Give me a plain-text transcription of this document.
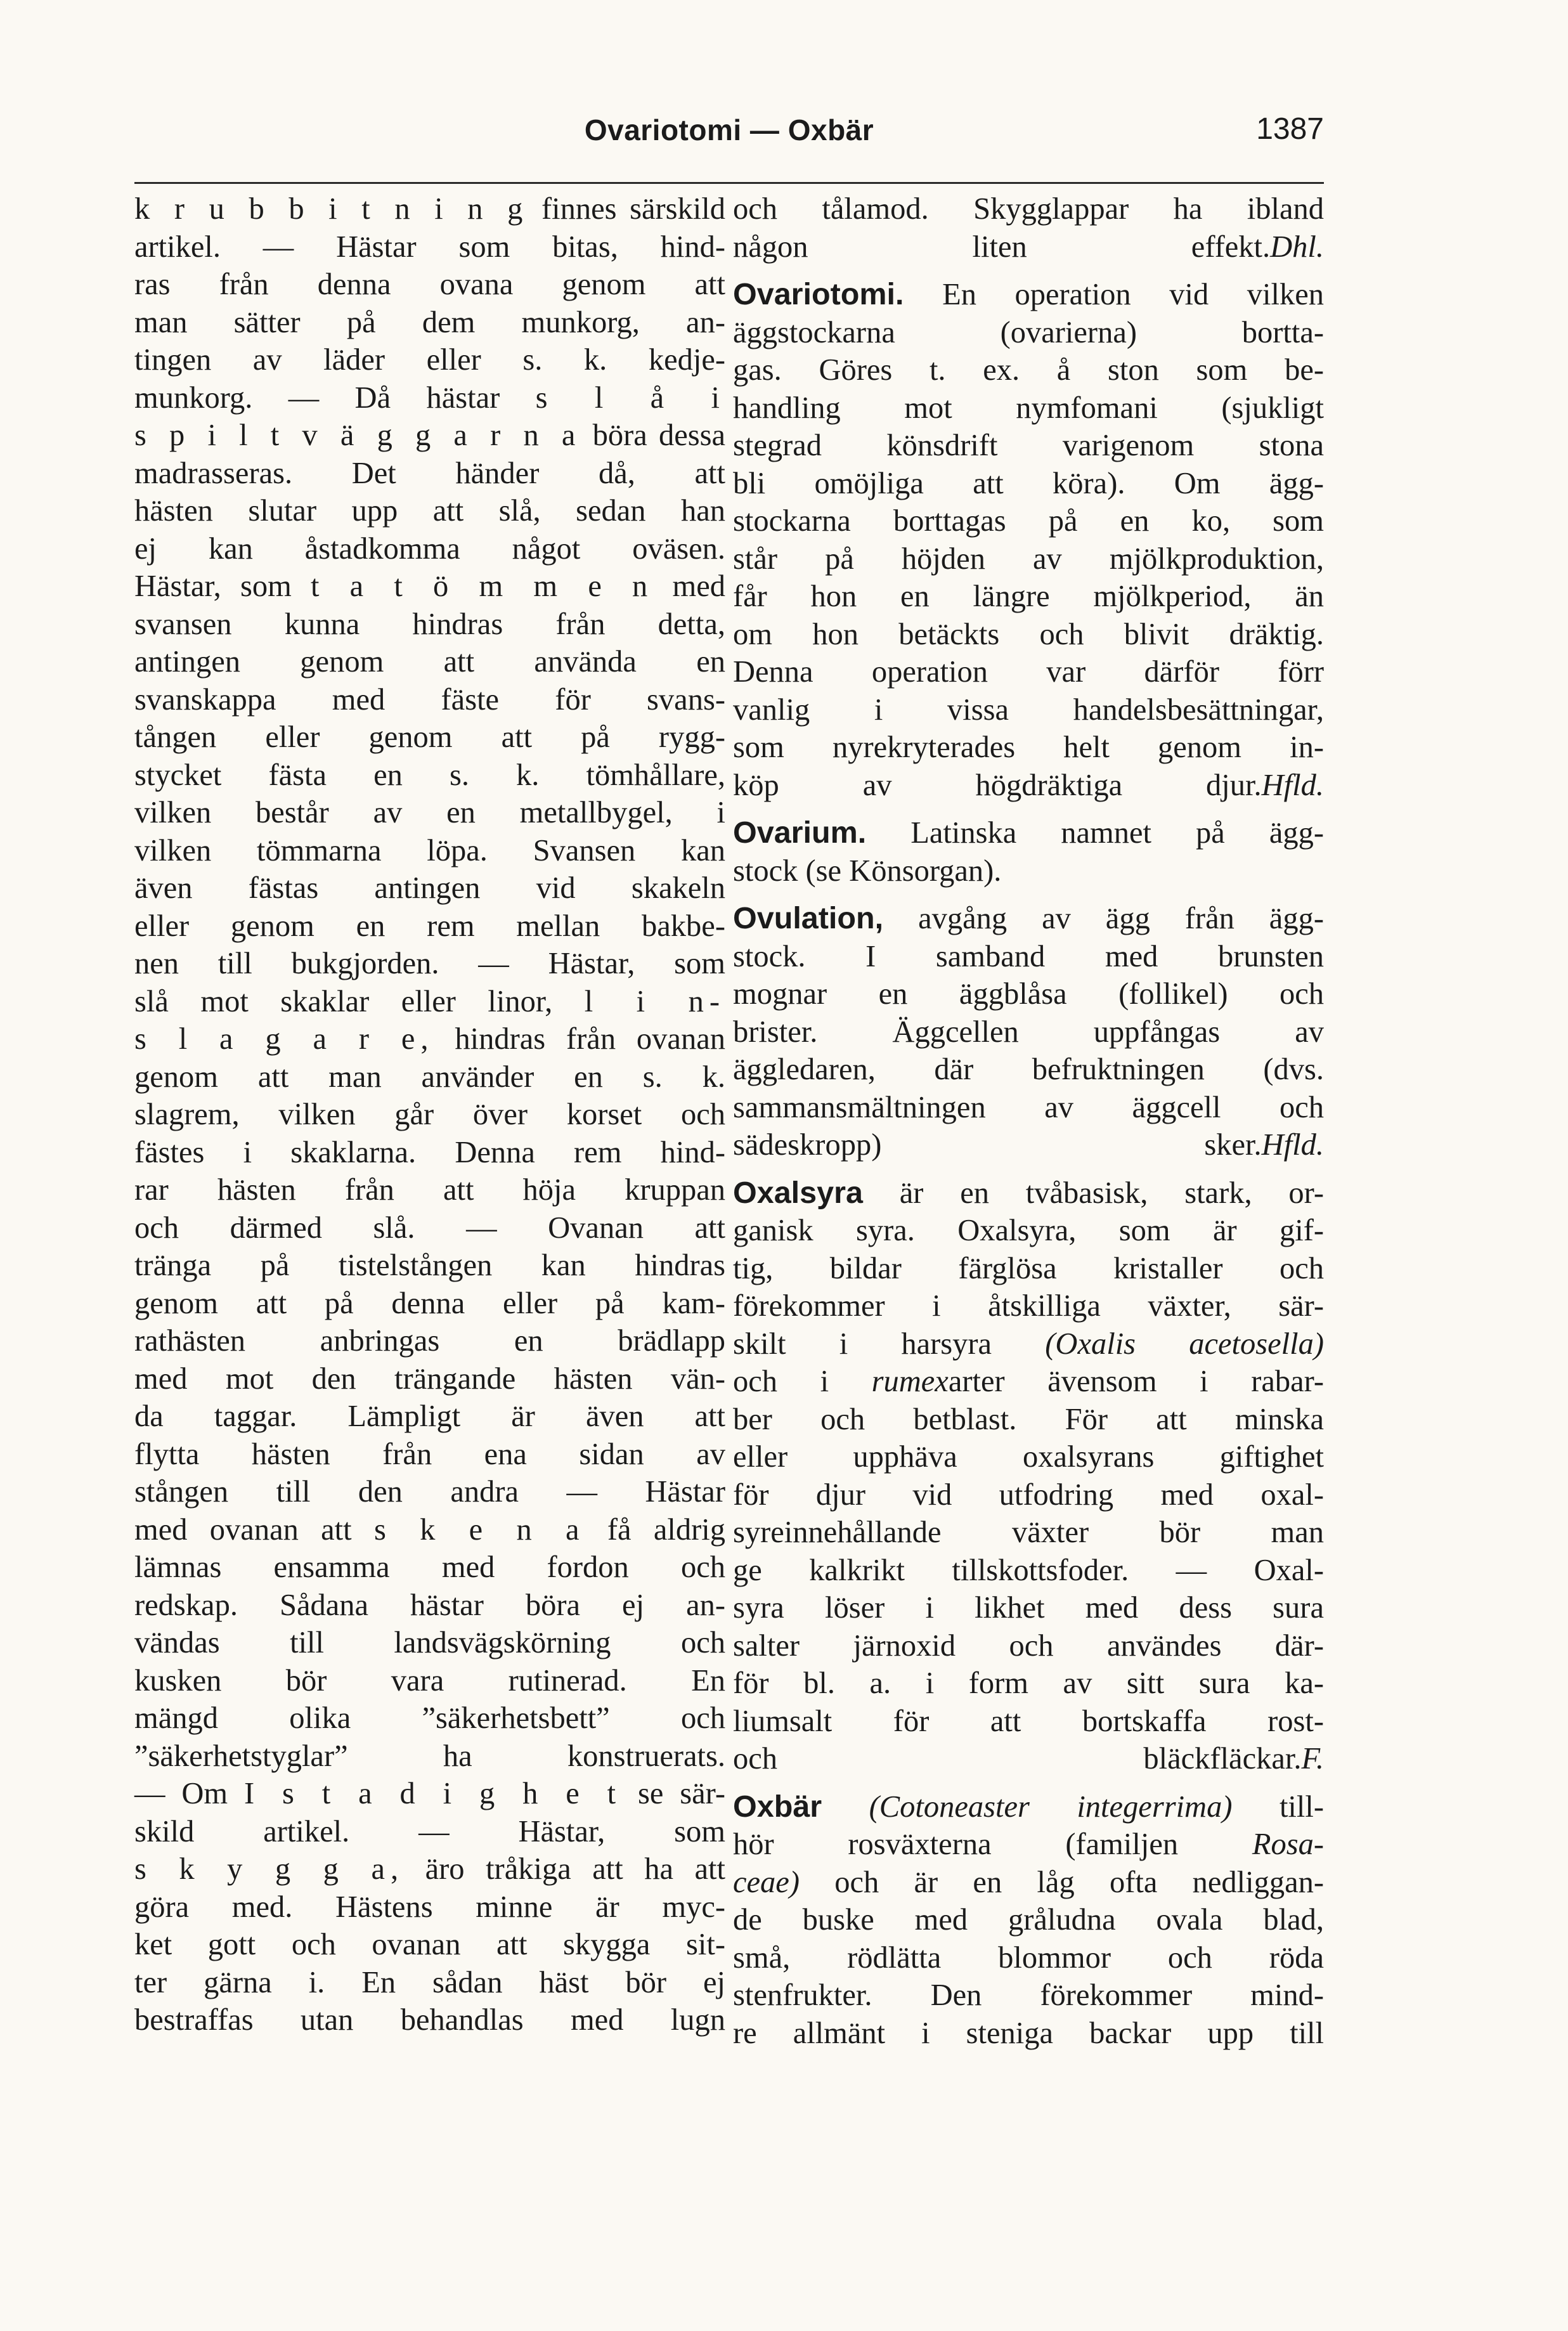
Ovariotomi — Oxbär	1387
k r u b b i t n i n g finnes särskild
artikel. — Hästar som bitas, hind-
ras från denna ovana genom att
man sätter på dem munkorg, an-
tingen av läder eller s. k. kedje-
munkorg. — Då hästar s l å i
s p i l t v ä g g a r n a böra dessa
madrasseras. Det händer då, att
hästen slutar upp att slå, sedan han
ej kan åstadkomma något oväsen.
Hästar, som t a t ö m m e n med
svansen kunna hindras från detta,
antingen genom att använda en
svanskappa med fäste för svans-
tången eller genom att på rygg-
stycket fästa en s. k. tömhållare,
vilken består av en metallbygel, i
vilken tömmarna löpa. Svansen kan
även fästas antingen vid skakeln
eller genom en rem mellan bakbe-
nen till bukgjorden. — Hästar, som
slå mot skaklar eller linor, l i n-
s l a g a r e, hindras från ovanan
genom att man använder en s. k.
slagrem, vilken går över korset och
fästes i skaklarna. Denna rem hind-
rar hästen från att höja kruppan
och därmed slå. — Ovanan att
tränga på tistelstången kan hindras
genom att på denna eller på kam-
rathästen anbringas en brädlapp
med mot den trängande hästen vän-
da taggar. Lämpligt är även att
flytta hästen från ena sidan av
stången till den andra — Hästar
med ovanan att s k e n a få aldrig
lämnas ensamma med fordon och
redskap. Sådana hästar böra ej an-
vändas till landsvägskörning och
kusken bör vara rutinerad. En
mängd olika ”säkerhetsbett” och
”säkerhetstyglar” ha konstruerats.
— Om I s t a d i g h e t se sär-
skild artikel. — Hästar, som
s k y g g a, äro tråkiga att ha att
göra med. Hästens minne är myc-
ket gott och ovanan att skygga sit-
ter gärna i. En sådan häst bör ej
bestraffas utan behandlas med lugn
och tålamod. Skygglappar ha ibland
någon liten effekt.Dhl.
Ovariotomi. En operation vid vilken
äggstockarna (ovarierna) bortta-
gas. Göres t. ex. å ston som be-
handling mot nymfomani (sjukligt
stegrad könsdrift varigenom stona
bli omöjliga att köra). Om ägg-
stockarna borttagas på en ko, som
står på höjden av mjölkproduktion,
får hon en längre mjölkperiod, än
om hon betäckts och blivit dräktig.
Denna operation var därför förr
vanlig i vissa handelsbesättningar,
som nyrekryterades helt genom in-
köp av högdräktiga djur.Hfld.
Ovarium. Latinska namnet på ägg-
stock (se Könsorgan).
Ovulation, avgång av ägg från ägg-
stock. I samband med brunsten
mognar en äggblåsa (follikel) och
brister. Äggcellen uppfångas av
äggledaren, där befruktningen (dvs.
sammansmältningen av äggcell och
sädeskropp) sker.Hfld.
Oxalsyra är en tvåbasisk, stark, or-
ganisk syra. Oxalsyra, som är gif-
tig, bildar färglösa kristaller och
förekommer i åtskilliga växter, sär-
skilt i harsyra (Oxalis acetosella)
och i rumexarter ävensom i rabar-
ber och betblast. För att minska
eller upphäva oxalsyrans giftighet
för djur vid utfodring med oxal-
syreinnehållande växter bör man
ge kalkrikt tillskottsfoder. — Oxal-
syra löser i likhet med dess sura
salter järnoxid och användes där-
för bl. a. i form av sitt sura ka-
liumsalt för att bortskaffa rost-
och bläckfläckar.F.
Oxbär (Cotoneaster integerrima) till-
hör rosväxterna (familjen Rosa-
ceae) och är en låg ofta nedliggan-
de buske med gråludna ovala blad,
små, rödlätta blommor och röda
stenfrukter. Den förekommer mind-
re allmänt i steniga backar upp till
